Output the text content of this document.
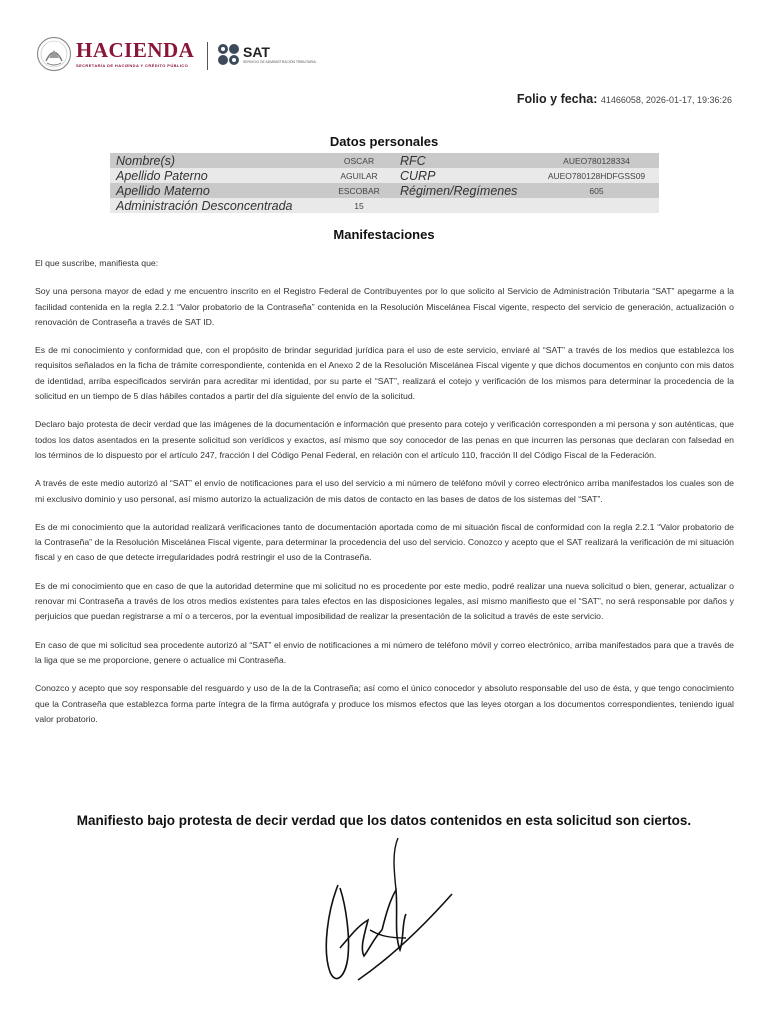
HACIENDA
SECRETARÍA DE HACIENDA Y CRÉDITO PÚBLICO
SAT
SERVICIO DE ADMINISTRACIÓN TRIBUTARIA
Folio y fecha: 41466058, 2026-01-17, 19:36:26
Datos personales
Nombre(s)	OSCAR	RFC	AUEO780128334
Apellido Paterno	AGUILAR	CURP	AUEO780128HDFGSS09
Apellido Materno	ESCOBAR	Régimen/Regímenes	605
Administración Desconcentrada	15		
Manifestaciones

El que suscribe, manifiesta que:

Soy una persona mayor de edad y me encuentro inscrito en el Registro Federal de Contribuyentes por lo que solicito al Servicio de Administración Tributaria “SAT” apegarme a la facilidad contenida en la regla 2.2.1 “Valor probatorio de la Contraseña” contenida en la Resolución Miscelánea Fiscal vigente, respecto del servicio de generación, actualización o renovación de Contraseña a través de SAT ID.

Es de mi conocimiento y conformidad que, con el propósito de brindar seguridad jurídica para el uso de este servicio, enviaré al “SAT” a través de los medios que establezca los requisitos señalados en la ficha de trámite correspondiente, contenida en el Anexo 2 de la Resolución Miscelánea Fiscal vigente y que dichos documentos en conjunto con mis datos de identidad, arriba especificados servirán para acreditar mi identidad, por su parte el “SAT”, realizará el cotejo y verificación de los mismos para determinar la procedencia de la solicitud en un tiempo de 5 días hábiles contados a partir del día siguiente del envío de la solicitud.

Declaro bajo protesta de decir verdad que las imágenes de la documentación e información que presento para cotejo y verificación corresponden a mi persona y son auténticas, que todos los datos asentados en la presente solicitud son verídicos y exactos, así mismo que soy conocedor de las penas en que incurren las personas que declaran con falsedad en los términos de lo dispuesto por el artículo 247, fracción I del Código Penal Federal, en relación con el artículo 110, fracción II del Código Fiscal de la Federación.

A través de este medio autorizó al “SAT” el envío de notificaciones para el uso del servicio a mi número de teléfono móvil y correo electrónico arriba manifestados los cuales son de mi exclusivo dominio y uso personal, así mismo autorizo la actualización de mis datos de contacto en las bases de datos de los sistemas del “SAT”.

Es de mi conocimiento que la autoridad realizará verificaciones tanto de documentación aportada como de mi situación fiscal de conformidad con la regla 2.2.1 “Valor probatorio de la Contraseña” de la Resolución Miscelánea Fiscal vigente, para determinar la procedencia del uso del servicio. Conozco y acepto que el SAT realizará la verificación de mi situación fiscal y en caso de que detecte irregularidades podrá restringir el uso de la Contraseña.

Es de mi conocimiento que en caso de que la autoridad determine que mi solicitud no es procedente por este medio, podré realizar una nueva solicitud o bien, generar, actualizar o renovar mi Contraseña a través de los otros medios existentes para tales efectos en las disposiciones legales, así mismo manifiesto que el “SAT”, no será responsable por daños y perjuicios que puedan registrarse a mí o a terceros, por la eventual imposibilidad de realizar la presentación de la solicitud a través de este servicio.

En caso de que mi solicitud sea procedente autorizó al “SAT” el envio de notificaciones a mi número de teléfono móvil y correo electrónico, arriba manifestados para que a través de la liga que se me proporcione, genere o actualice mi Contraseña.

Conozco y acepto que soy responsable del resguardo y uso de la de la Contraseña; así como el único conocedor y absoluto responsable del uso de ésta, y que tengo conocimiento que la Contraseña que establezca forma parte íntegra de la firma autógrafa y produce los mismos efectos que las leyes otorgan a los documentos correspondientes, teniendo igual valor probatorio.

Manifiesto bajo protesta de decir verdad que los datos contenidos en esta solicitud son ciertos.
